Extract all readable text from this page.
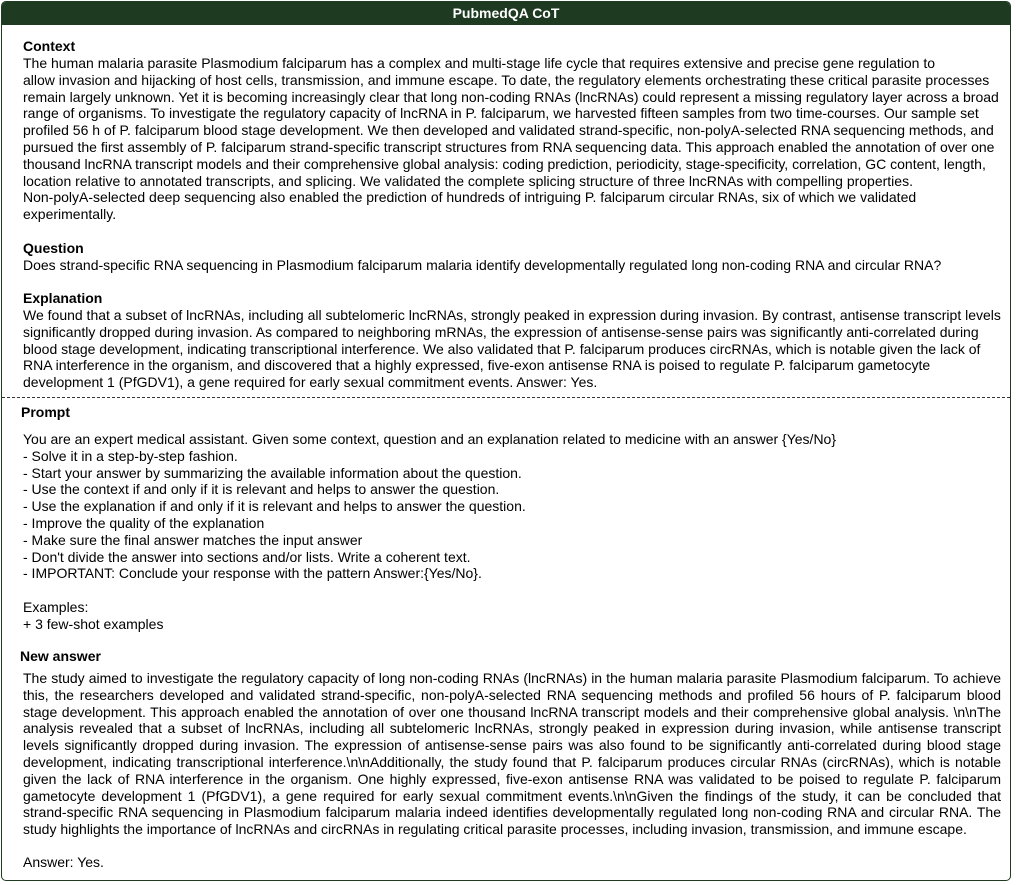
PubmedQA CoT
Context
The human malaria parasite Plasmodium falciparum has a complex and multi-stage life cycle that requires extensive and precise gene regulation to
allow invasion and hijacking of host cells, transmission, and immune escape. To date, the regulatory elements orchestrating these critical parasite processes remain largely unknown. Yet it is becoming increasingly clear that long non-coding RNAs (lncRNAs) could represent a missing regulatory layer across a broad range of organisms. To investigate the regulatory capacity of lncRNA in P. falciparum, we harvested fifteen samples from two time-courses. Our sample set profiled 56 h of P. falciparum blood stage development. We then developed and validated strand-specific, non-polyA-selected RNA sequencing methods, and pursued the first assembly of P. falciparum strand-specific transcript structures from RNA sequencing data. This approach enabled the annotation of over one thousand lncRNA transcript models and their comprehensive global analysis: coding prediction, periodicity, stage-specificity, correlation, GC content, length, location relative to annotated transcripts, and splicing. We validated the complete splicing structure of three lncRNAs with compelling properties.
Non-polyA-selected deep sequencing also enabled the prediction of hundreds of intriguing P. falciparum circular RNAs, six of which we validated experimentally.
Question
Does strand-specific RNA sequencing in Plasmodium falciparum malaria identify developmentally regulated long non-coding RNA and circular RNA?
Explanation
We found that a subset of lncRNAs, including all subtelomeric lncRNAs, strongly peaked in expression during invasion. By contrast, antisense transcript levels significantly dropped during invasion. As compared to neighboring mRNAs, the expression of antisense-sense pairs was significantly anti-correlated during blood stage development, indicating transcriptional interference. We also validated that P. falciparum produces circRNAs, which is notable given the lack of RNA interference in the organism, and discovered that a highly expressed, five-exon antisense RNA is poised to regulate P. falciparum gametocyte development 1 (PfGDV1), a gene required for early sexual commitment events. Answer: Yes.
Prompt
You are an expert medical assistant. Given some context, question and an explanation related to medicine with an answer {Yes/No}
- Solve it in a step-by-step fashion.
- Start your answer by summarizing the available information about the question.
- Use the context if and only if it is relevant and helps to answer the question.
- Use the explanation if and only if it is relevant and helps to answer the question.
- Improve the quality of the explanation
- Make sure the final answer matches the input answer
- Don't divide the answer into sections and/or lists. Write a coherent text.
- IMPORTANT: Conclude your response with the pattern Answer:{Yes/No}.
Examples:
+ 3 few-shot examples
New answer
The study aimed to investigate the regulatory capacity of long non-coding RNAs (lncRNAs) in the human malaria parasite Plasmodium falciparum. To achieve this, the researchers developed and validated strand-specific, non-polyA-selected RNA sequencing methods and profiled 56 hours of P. falciparum blood stage development. This approach enabled the annotation of over one thousand lncRNA transcript models and their comprehensive global analysis. \n\nThe analysis revealed that a subset of lncRNAs, including all subtelomeric lncRNAs, strongly peaked in expression during invasion, while antisense transcript levels significantly dropped during invasion. The expression of antisense-sense pairs was also found to be significantly anti-correlated during blood stage development, indicating transcriptional interference.\n\nAdditionally, the study found that P. falciparum produces circular RNAs (circRNAs), which is notable given the lack of RNA interference in the organism. One highly expressed, five-exon antisense RNA was validated to be poised to regulate P. falciparum gametocyte development 1 (PfGDV1), a gene required for early sexual commitment events.\n\nGiven the findings of the study, it can be concluded that strand-specific RNA sequencing in Plasmodium falciparum malaria indeed identifies developmentally regulated long non-coding RNA and circular RNA. The study highlights the importance of lncRNAs and circRNAs in regulating critical parasite processes, including invasion, transmission, and immune escape.
Answer: Yes.
